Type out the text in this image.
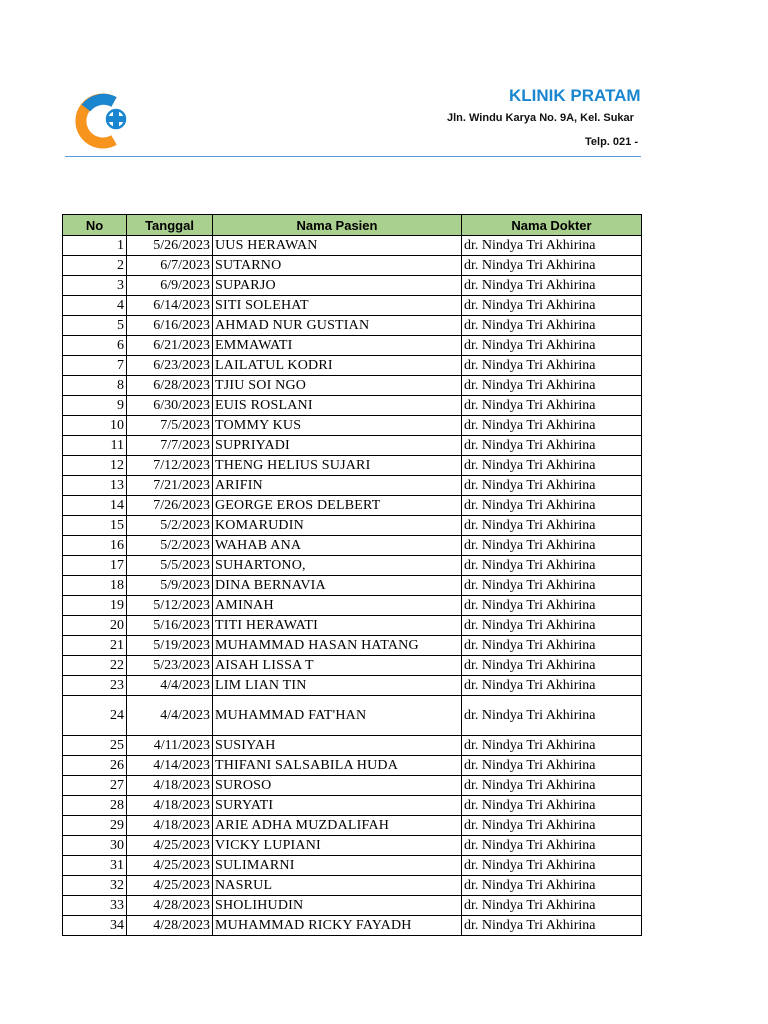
KLINIK PRATAM
Jln. Windu Karya No. 9A, Kel. Sukar
Telp. 021 -
No	Tanggal	Nama Pasien	Nama Dokter
1	5/26/2023	UUS HERAWAN	dr. Nindya Tri Akhirina
2	6/7/2023	SUTARNO	dr. Nindya Tri Akhirina
3	6/9/2023	SUPARJO	dr. Nindya Tri Akhirina
4	6/14/2023	SITI SOLEHAT	dr. Nindya Tri Akhirina
5	6/16/2023	AHMAD NUR GUSTIAN	dr. Nindya Tri Akhirina
6	6/21/2023	EMMAWATI	dr. Nindya Tri Akhirina
7	6/23/2023	LAILATUL KODRI	dr. Nindya Tri Akhirina
8	6/28/2023	TJIU SOI NGO	dr. Nindya Tri Akhirina
9	6/30/2023	EUIS ROSLANI	dr. Nindya Tri Akhirina
10	7/5/2023	TOMMY KUS	dr. Nindya Tri Akhirina
11	7/7/2023	SUPRIYADI	dr. Nindya Tri Akhirina
12	7/12/2023	THENG HELIUS SUJARI	dr. Nindya Tri Akhirina
13	7/21/2023	ARIFIN	dr. Nindya Tri Akhirina
14	7/26/2023	GEORGE EROS DELBERT	dr. Nindya Tri Akhirina
15	5/2/2023	KOMARUDIN	dr. Nindya Tri Akhirina
16	5/2/2023	WAHAB ANA	dr. Nindya Tri Akhirina
17	5/5/2023	SUHARTONO,	dr. Nindya Tri Akhirina
18	5/9/2023	DINA BERNAVIA	dr. Nindya Tri Akhirina
19	5/12/2023	AMINAH	dr. Nindya Tri Akhirina
20	5/16/2023	TITI HERAWATI	dr. Nindya Tri Akhirina
21	5/19/2023	MUHAMMAD HASAN HATANG	dr. Nindya Tri Akhirina
22	5/23/2023	AISAH LISSA T	dr. Nindya Tri Akhirina
23	4/4/2023	LIM LIAN TIN	dr. Nindya Tri Akhirina
24	4/4/2023	MUHAMMAD FAT'HAN	dr. Nindya Tri Akhirina
25	4/11/2023	SUSIYAH	dr. Nindya Tri Akhirina
26	4/14/2023	THIFANI SALSABILA HUDA	dr. Nindya Tri Akhirina
27	4/18/2023	SUROSO	dr. Nindya Tri Akhirina
28	4/18/2023	SURYATI	dr. Nindya Tri Akhirina
29	4/18/2023	ARIE ADHA MUZDALIFAH	dr. Nindya Tri Akhirina
30	4/25/2023	VICKY LUPIANI	dr. Nindya Tri Akhirina
31	4/25/2023	SULIMARNI	dr. Nindya Tri Akhirina
32	4/25/2023	NASRUL	dr. Nindya Tri Akhirina
33	4/28/2023	SHOLIHUDIN	dr. Nindya Tri Akhirina
34	4/28/2023	MUHAMMAD RICKY FAYADH	dr. Nindya Tri Akhirina
